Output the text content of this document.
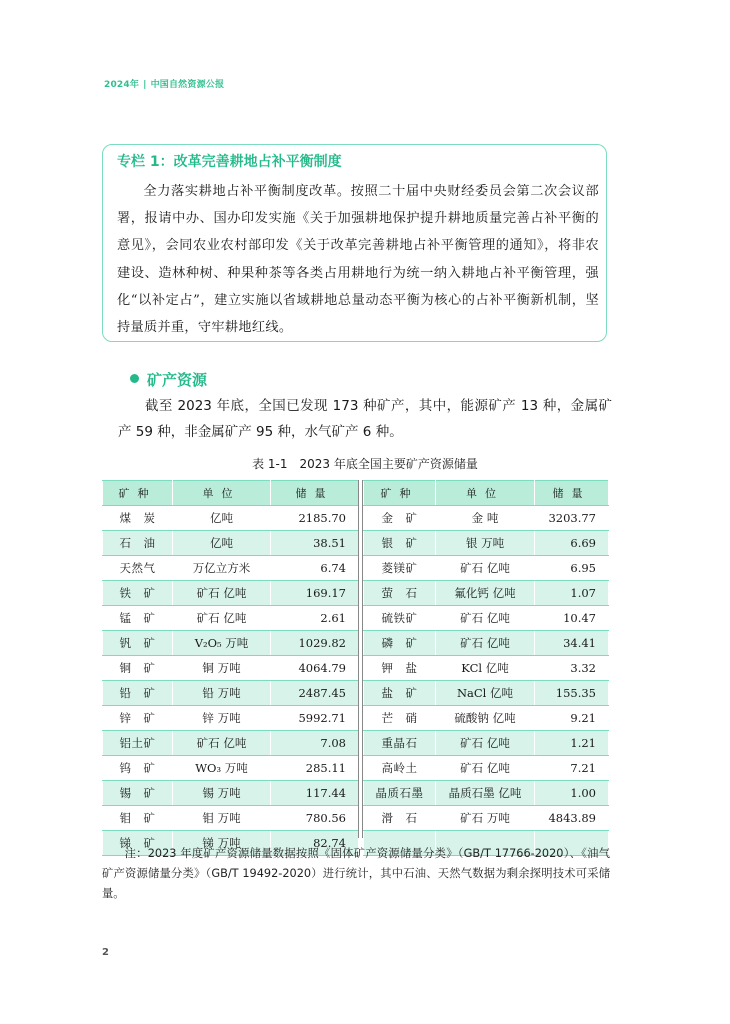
2024年 | 中国自然资源公报
专栏 1：改革完善耕地占补平衡制度
全力落实耕地占补平衡制度改革。按照二十届中央财经委员会第二次会议部署，报请中办、国办印发实施《关于加强耕地保护提升耕地质量完善占补平衡的意见》，会同农业农村部印发《关于改革完善耕地占补平衡管理的通知》，将非农建设、造林种树、种果种茶等各类占用耕地行为统一纳入耕地占补平衡管理，强化“以补定占”，建立实施以省域耕地总量动态平衡为核心的占补平衡新机制，坚持量质并重，守牢耕地红线。
矿产资源
截至 2023 年底，全国已发现 173 种矿产，其中，能源矿产 13 种，金属矿产 59 种，非金属矿产 95 种，水气矿产 6 种。
表 1-1　2023 年底全国主要矿产资源储量
矿种	单位	储量
煤　炭	亿吨	2185.70
石　油	亿吨	38.51
天然气	万亿立方米	6.74
铁　矿	矿石 亿吨	169.17
锰　矿	矿石 亿吨	2.61
钒　矿	V₂O₅ 万吨	1029.82
铜　矿	铜 万吨	4064.79
铅　矿	铅 万吨	2487.45
锌　矿	锌 万吨	5992.71
铝土矿	矿石 亿吨	7.08
钨　矿	WO₃ 万吨	285.11
锡　矿	锡 万吨	117.44
钼　矿	钼 万吨	780.56
锑　矿	锑 万吨	82.74
矿种	单位	储量
金　矿	金 吨	3203.77
银　矿	银 万吨	6.69
菱镁矿	矿石 亿吨	6.95
萤　石	氟化钙 亿吨	1.07
硫铁矿	矿石 亿吨	10.47
磷　矿	矿石 亿吨	34.41
钾　盐	KCl 亿吨	3.32
盐　矿	NaCl 亿吨	155.35
芒　硝	硫酸钠 亿吨	9.21
重晶石	矿石 亿吨	1.21
高岭土	矿石 亿吨	7.21
晶质石墨	晶质石墨 亿吨	1.00
滑　石	矿石 万吨	4843.89

注：2023 年度矿产资源储量数据按照《固体矿产资源储量分类》（GB/T 17766-2020）、《油气矿产资源储量分类》（GB/T 19492-2020）进行统计，其中石油、天然气数据为剩余探明技术可采储量。
2
